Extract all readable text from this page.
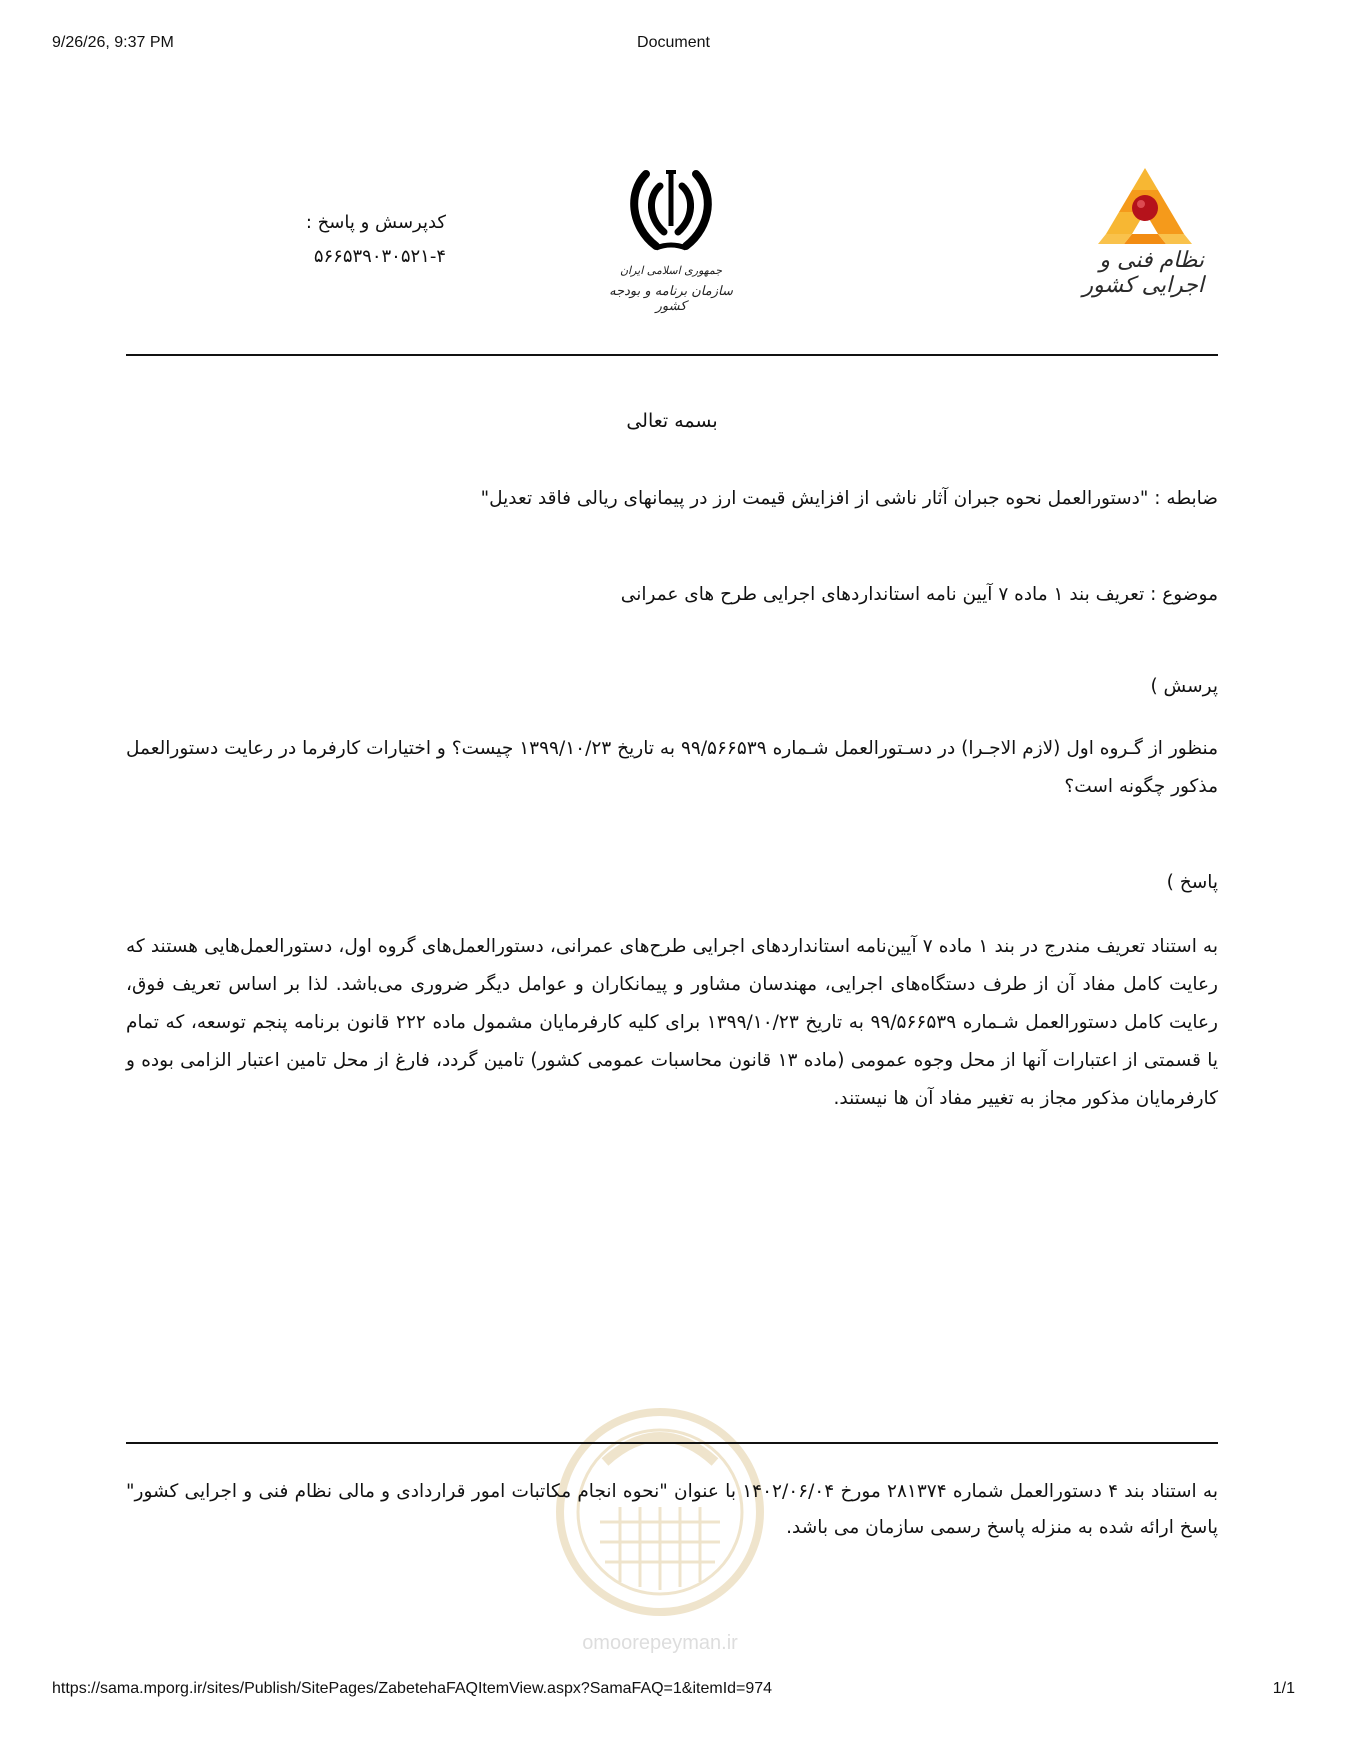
9/26/26, 9:37 PM	Document
نظام فنی و اجرایی کشور
جمهوری اسلامی ایران
سازمان برنامه و بودجه کشور
کدپرسش و پاسخ :
۵۶۶۵۳۹۰۳۰۵۲۱-۴
بسمه تعالی
ضابطه : "دستورالعمل نحوه جبران آثار ناشی از افزایش قیمت ارز در پیمانهای ریالی فاقد تعدیل"
موضوع : تعریف بند ۱ ماده ۷ آیین نامه استانداردهای اجرایی طرح های عمرانی
پرسش )
منظور از گـروه اول (لازم الاجـرا) در دسـتورالعمل شـماره ۹۹/۵۶۶۵۳۹ به تاریخ ۱۳۹۹/۱۰/۲۳ چیست؟ و اختیارات کارفرما در رعایت دستورالعمل مذکور چگونه است؟
پاسخ )
به استناد تعریف مندرج در بند ۱ ماده ۷ آیین‌نامه استانداردهای اجرایی طرح‌های عمرانی، دستورالعمل‌های گروه اول، دستورالعمل‌هایی هستند که رعایت کامل مفاد آن از طرف دستگاه‌های اجرایی، مهندسان مشاور و پیمانکاران و عوامل دیگر ضروری می‌باشد. لذا بر اساس تعریف فوق، رعایت کامل دستورالعمل شـماره ۹۹/۵۶۶۵۳۹ به تاریخ ۱۳۹۹/۱۰/۲۳ برای کلیه کارفرمایان مشمول ماده ۲۲۲ قانون برنامه پنجم توسعه، که تمام یا قسمتی از اعتبارات آنها از محل وجوه عمومی (ماده ۱۳ قانون محاسبات عمومی کشور) تامین گردد، فارغ از محل تامین اعتبار الزامی بوده و کارفرمایان مذکور مجاز به تغییر مفاد آن ها نیستند.
omoorepeyman.ir
به استناد بند ۴ دستورالعمل شماره ۲۸۱۳۷۴ مورخ ۱۴۰۲/۰۶/۰۴ با عنوان "نحوه انجام مکاتبات امور قراردادی و مالی نظام فنی و اجرایی کشور" پاسخ ارائه شده به منزله پاسخ رسمی سازمان می باشد.
https://sama.mporg.ir/sites/Publish/SitePages/ZabetehaFAQItemView.aspx?SamaFAQ=1&itemId=974	1/1
